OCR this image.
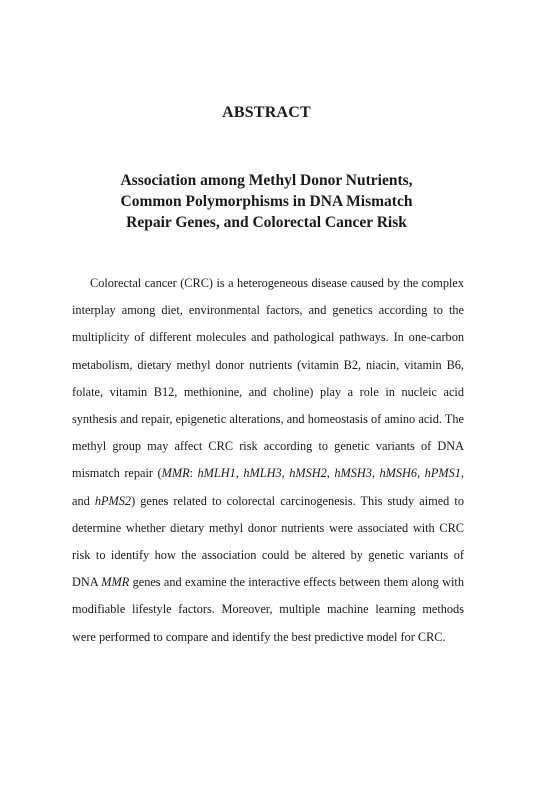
ABSTRACT
Association among Methyl Donor Nutrients,
Common Polymorphisms in DNA Mismatch
Repair Genes, and Colorectal Cancer Risk

Colorectal cancer (CRC) is a heterogeneous disease caused by the complex interplay among diet, environmental factors, and genetics according to the multiplicity of different molecules and pathological pathways. In one-carbon metabolism, dietary methyl donor nutrients (vitamin B2, niacin, vitamin B6, folate, vitamin B12, methionine, and choline) play a role in nucleic acid synthesis and repair, epigenetic alterations, and homeostasis of amino acid. The methyl group may affect CRC risk according to genetic variants of DNA mismatch repair (MMR: hMLH1, hMLH3, hMSH2, hMSH3, hMSH6, hPMS1, and hPMS2) genes related to colorectal carcinogenesis. This study aimed to determine whether dietary methyl donor nutrients were associated with CRC risk to identify how the association could be altered by genetic variants of DNA MMR genes and examine the interactive effects between them along with modifiable lifestyle factors. Moreover, multiple machine learning methods were performed to compare and identify the best predictive model for CRC.
